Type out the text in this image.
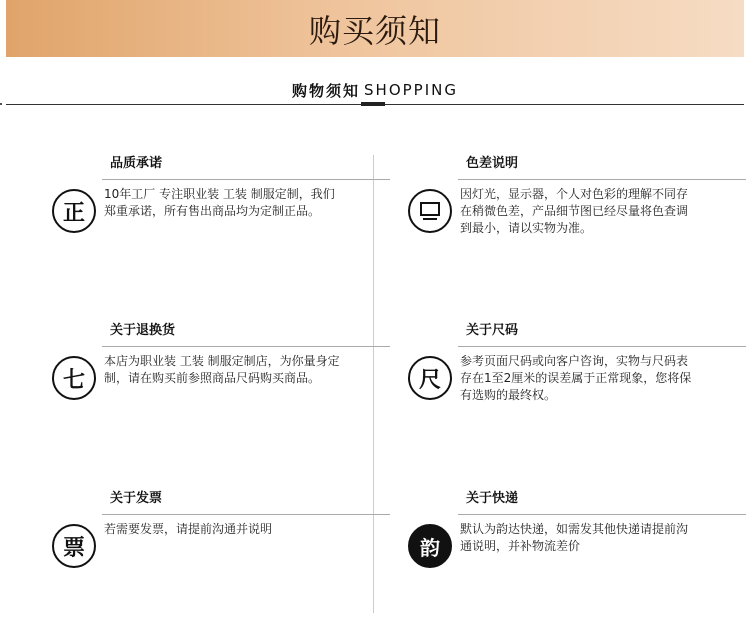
购买须知
购物须知 SHOPPING
品质承诺
正
10年工厂 专注职业装 工装 制服定制，我们郑重承诺，所有售出商品均为定制正品。
色差说明
因灯光，显示器，个人对色彩的理解不同存在稍微色差，产品细节图已经尽量将色查调到最小，请以实物为准。
关于退换货
七
本店为职业装 工装 制服定制店，为你量身定制，请在购买前参照商品尺码购买商品。
关于尺码
尺
参考页面尺码或向客户咨询，实物与尺码表存在1至2厘米的误差属于正常现象，您将保有选购的最终权。
关于发票
票
若需要发票，请提前沟通并说明
关于快递
韵
默认为韵达快递，如需发其他快递请提前沟通说明，并补物流差价
